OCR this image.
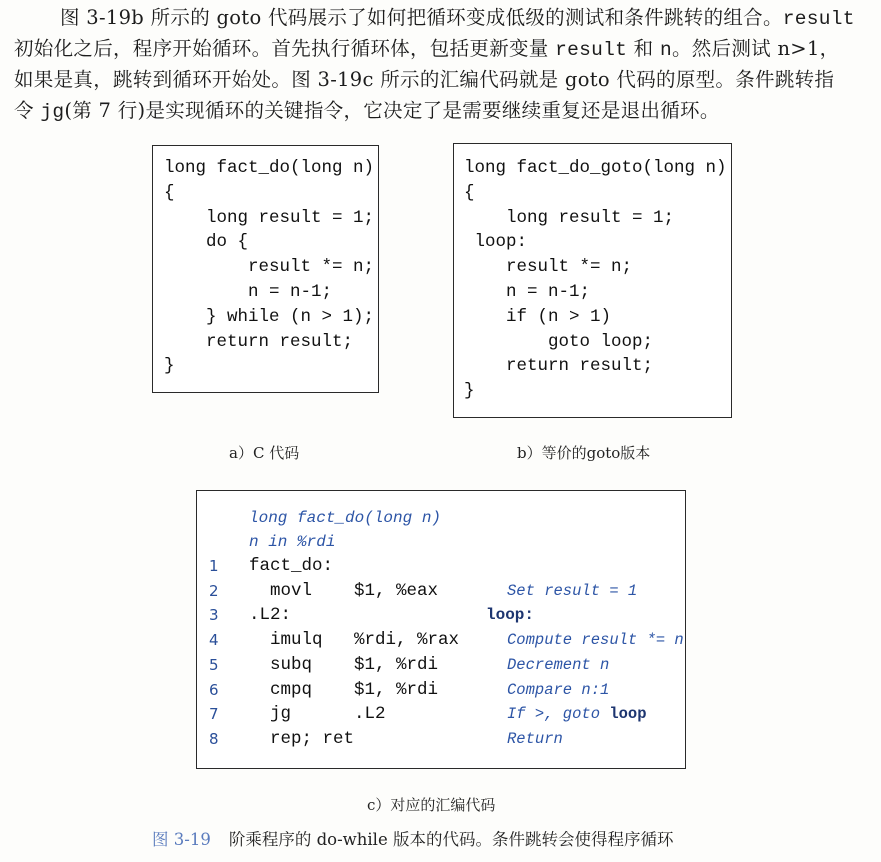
图 3-19b 所示的 goto 代码展示了如何把循环变成低级的测试和条件跳转的组合。result
初始化之后，程序开始循环。首先执行循环体，包括更新变量 result 和 n。然后测试 n>1，
如果是真，跳转到循环开始处。图 3-19c 所示的汇编代码就是 goto 代码的原型。条件跳转指
令 jg(第 7 行)是实现循环的关键指令，它决定了是需要继续重复还是退出循环。
long fact_do(long n)
{
long result = 1;
do {
result *= n;
n = n-1;
} while (n > 1);
return result;
}
a）C 代码
long fact_do_goto(long n)
{
long result = 1;
loop:
result *= n;
n = n-1;
if (n > 1)
goto loop;
return result;
}
b）等价的goto版本
long fact_do(long n)
n in %rdi
1 fact_do:
2 movl    $1, %eax	Set result = 1
3 .L2:	loop:
4 imulq   %rdi, %rax	Compute result *= n
5 subq    $1, %rdi	Decrement n
6 cmpq    $1, %rdi	Compare n:1
7 jg      .L2	If >, goto loop
8 rep; ret	Return
c）对应的汇编代码
图 3-19 阶乘程序的 do-while 版本的代码。条件跳转会使得程序循环
